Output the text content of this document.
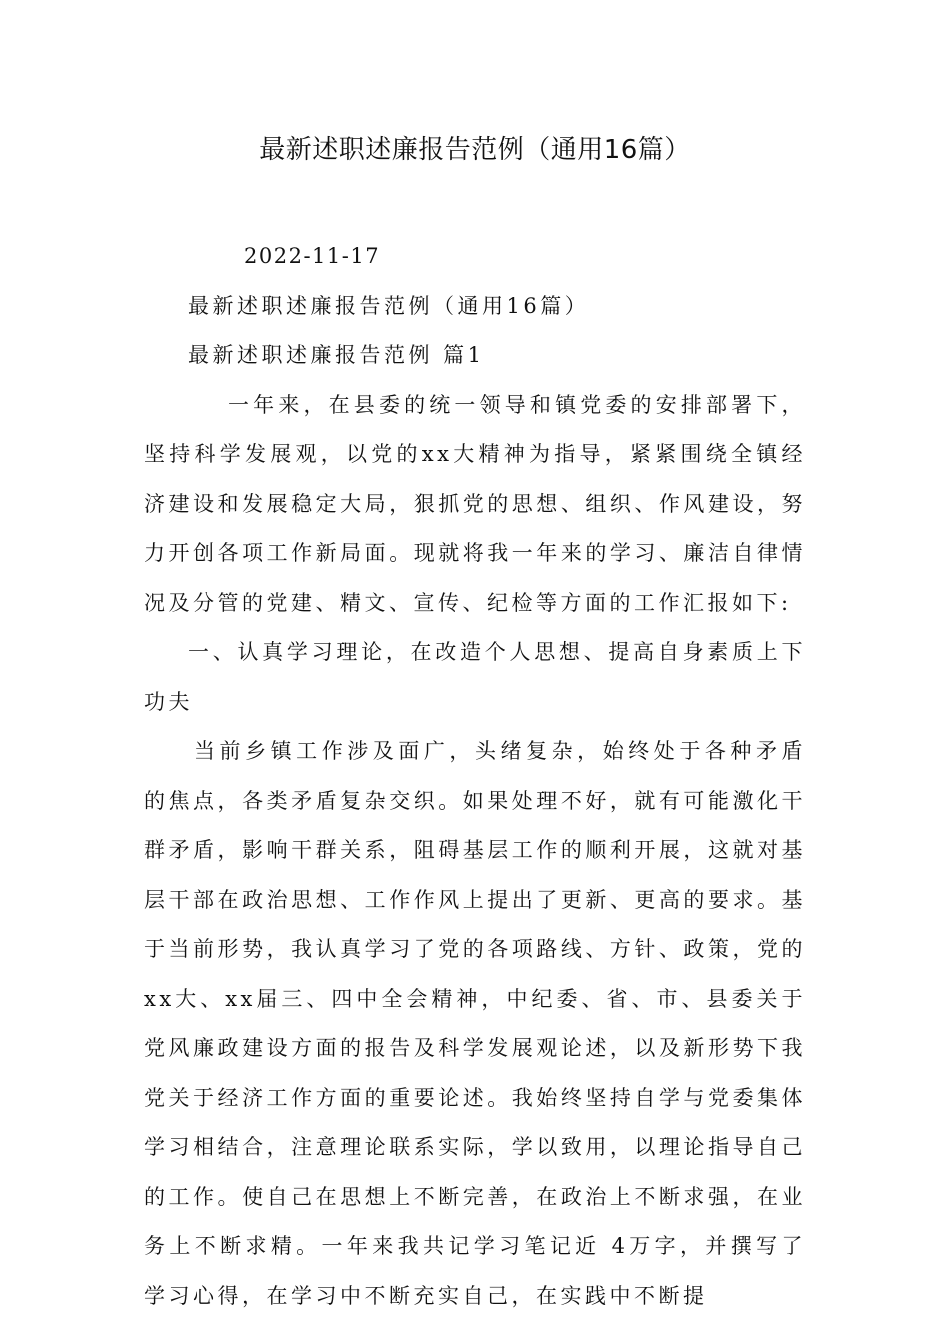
最新述职述廉报告范例（通用16篇）

2022-11-17

最新述职述廉报告范例（通用16篇）

最新述职述廉报告范例 篇1

一年来，在县委的统一领导和镇党委的安排部署下，坚持科学发展观，以党的xx大精神为指导，紧紧围绕全镇经济建设和发展稳定大局，狠抓党的思想、组织、作风建设，努力开创各项工作新局面。现就将我一年来的学习、廉洁自律情况及分管的党建、精文、宣传、纪检等方面的工作汇报如下:

一、认真学习理论，在改造个人思想、提高自身素质上下功夫

当前乡镇工作涉及面广，头绪复杂，始终处于各种矛盾的焦点，各类矛盾复杂交织。如果处理不好，就有可能激化干群矛盾，影响干群关系，阻碍基层工作的顺利开展，这就对基层干部在政治思想、工作作风上提出了更新、更高的要求。基于当前形势，我认真学习了党的各项路线、方针、政策，党的xx大、xx届三、四中全会精神，中纪委、省、市、县委关于党风廉政建设方面的报告及科学发展观论述，以及新形势下我党关于经济工作方面的重要论述。我始终坚持自学与党委集体学习相结合，注意理论联系实际，学以致用，以理论指导自己的工作。使自己在思想上不断完善，在政治上不断求强，在业务上不断求精。一年来我共记学习笔记近 4万字，并撰写了学习心得，在学习中不断充实自己，在实践中不断提
